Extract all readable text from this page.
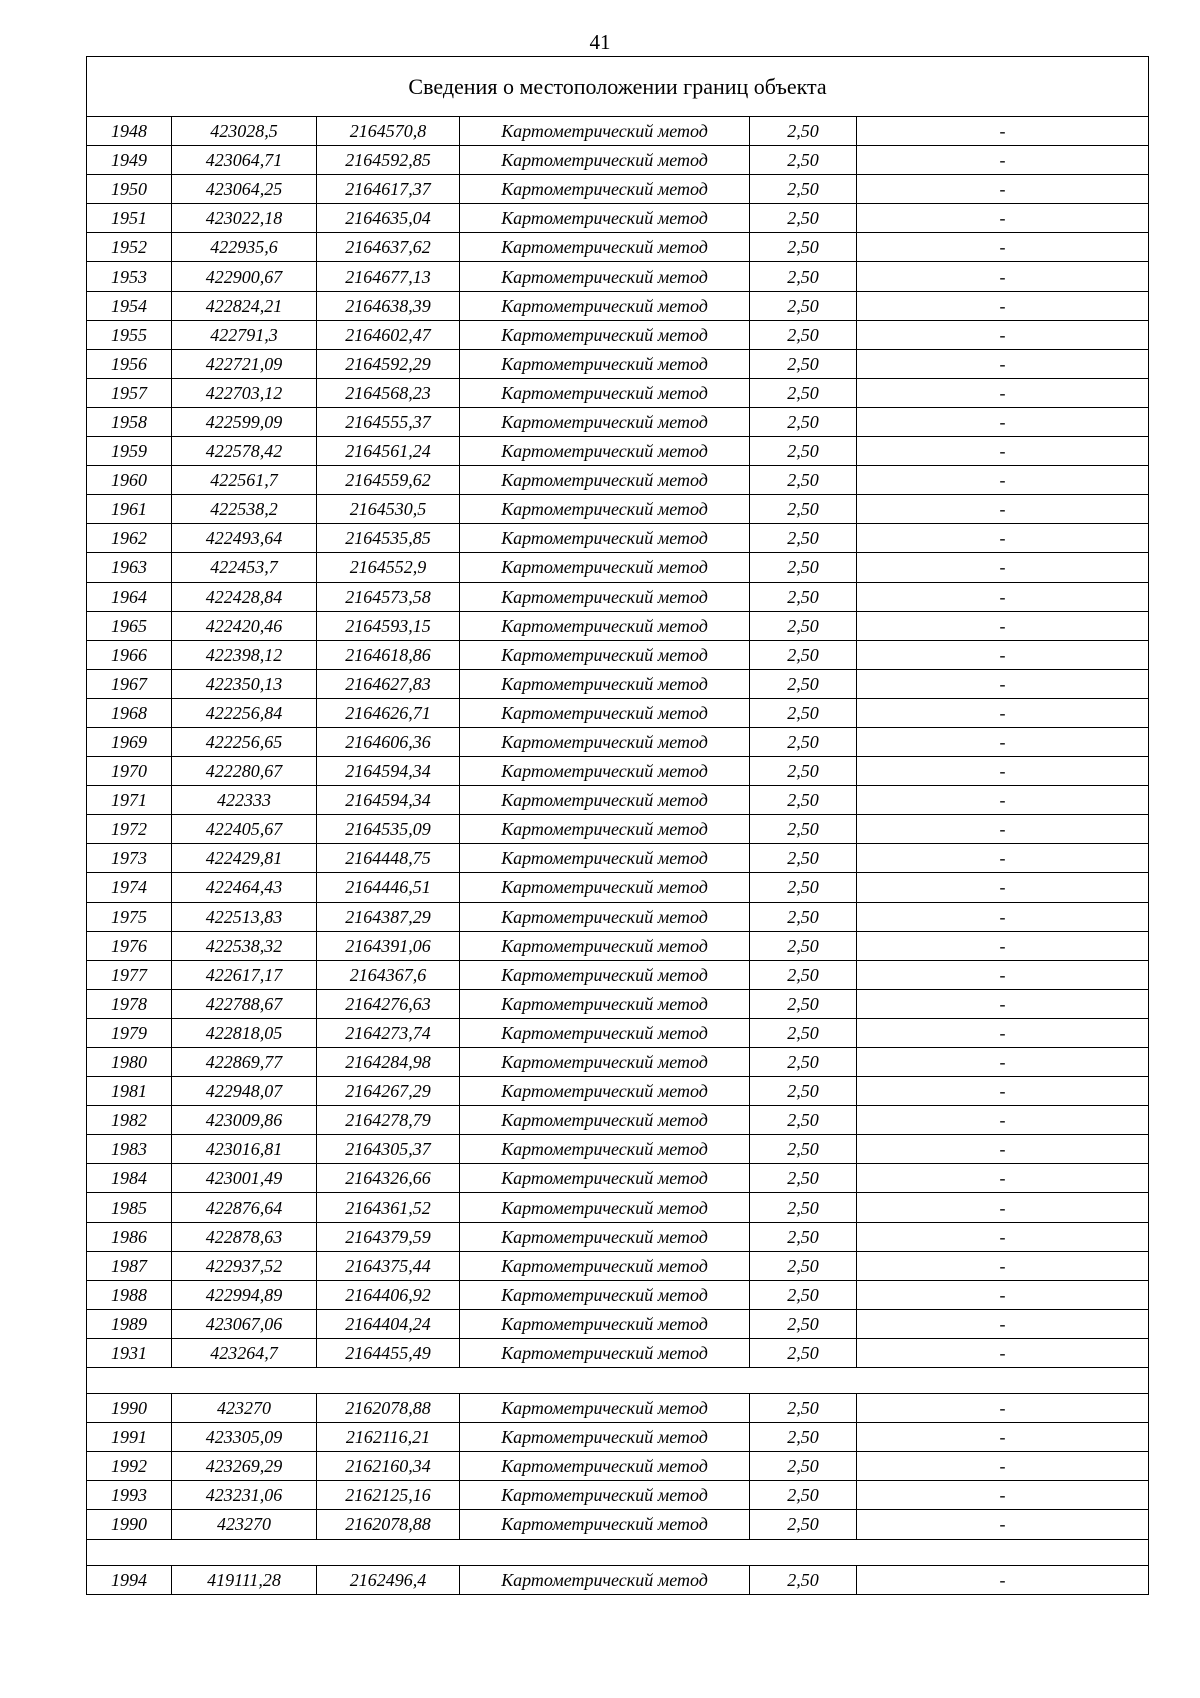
41
Сведения о местоположении границ объекта					
1948	423028,5	2164570,8	Картометрический метод	2,50	-
1949	423064,71	2164592,85	Картометрический метод	2,50	-
1950	423064,25	2164617,37	Картометрический метод	2,50	-
1951	423022,18	2164635,04	Картометрический метод	2,50	-
1952	422935,6	2164637,62	Картометрический метод	2,50	-
1953	422900,67	2164677,13	Картометрический метод	2,50	-
1954	422824,21	2164638,39	Картометрический метод	2,50	-
1955	422791,3	2164602,47	Картометрический метод	2,50	-
1956	422721,09	2164592,29	Картометрический метод	2,50	-
1957	422703,12	2164568,23	Картометрический метод	2,50	-
1958	422599,09	2164555,37	Картометрический метод	2,50	-
1959	422578,42	2164561,24	Картометрический метод	2,50	-
1960	422561,7	2164559,62	Картометрический метод	2,50	-
1961	422538,2	2164530,5	Картометрический метод	2,50	-
1962	422493,64	2164535,85	Картометрический метод	2,50	-
1963	422453,7	2164552,9	Картометрический метод	2,50	-
1964	422428,84	2164573,58	Картометрический метод	2,50	-
1965	422420,46	2164593,15	Картометрический метод	2,50	-
1966	422398,12	2164618,86	Картометрический метод	2,50	-
1967	422350,13	2164627,83	Картометрический метод	2,50	-
1968	422256,84	2164626,71	Картометрический метод	2,50	-
1969	422256,65	2164606,36	Картометрический метод	2,50	-
1970	422280,67	2164594,34	Картометрический метод	2,50	-
1971	422333	2164594,34	Картометрический метод	2,50	-
1972	422405,67	2164535,09	Картометрический метод	2,50	-
1973	422429,81	2164448,75	Картометрический метод	2,50	-
1974	422464,43	2164446,51	Картометрический метод	2,50	-
1975	422513,83	2164387,29	Картометрический метод	2,50	-
1976	422538,32	2164391,06	Картометрический метод	2,50	-
1977	422617,17	2164367,6	Картометрический метод	2,50	-
1978	422788,67	2164276,63	Картометрический метод	2,50	-
1979	422818,05	2164273,74	Картометрический метод	2,50	-
1980	422869,77	2164284,98	Картометрический метод	2,50	-
1981	422948,07	2164267,29	Картометрический метод	2,50	-
1982	423009,86	2164278,79	Картометрический метод	2,50	-
1983	423016,81	2164305,37	Картометрический метод	2,50	-
1984	423001,49	2164326,66	Картометрический метод	2,50	-
1985	422876,64	2164361,52	Картометрический метод	2,50	-
1986	422878,63	2164379,59	Картометрический метод	2,50	-
1987	422937,52	2164375,44	Картометрический метод	2,50	-
1988	422994,89	2164406,92	Картометрический метод	2,50	-
1989	423067,06	2164404,24	Картометрический метод	2,50	-
1931	423264,7	2164455,49	Картометрический метод	2,50	-

1990	423270	2162078,88	Картометрический метод	2,50	-
1991	423305,09	2162116,21	Картометрический метод	2,50	-
1992	423269,29	2162160,34	Картометрический метод	2,50	-
1993	423231,06	2162125,16	Картометрический метод	2,50	-
1990	423270	2162078,88	Картометрический метод	2,50	-

1994	419111,28	2162496,4	Картометрический метод	2,50	-
